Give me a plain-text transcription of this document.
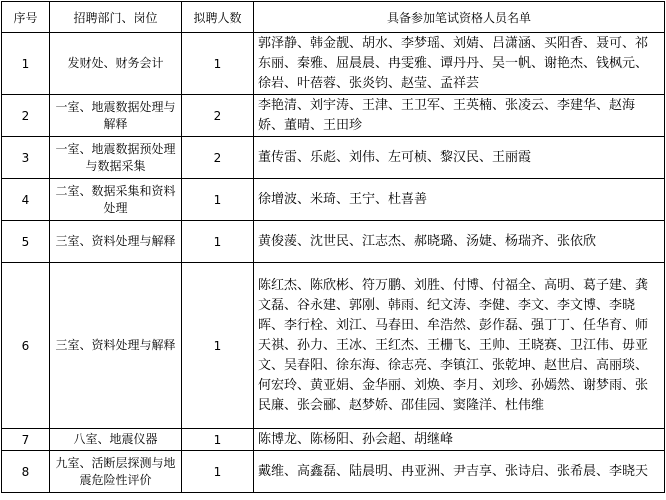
序号	招聘部门、岗位	拟聘人数	具备参加笔试资格人员名单
1	发财处、财务会计	1	郭泽静、韩金靓、胡水、李梦瑶、刘婧、吕潇涵、买阳香、聂可、祁东丽、秦雅、屈晨晨、冉雯雅、谭丹丹、吴一帆、谢艳杰、钱枫元、徐岩、叶蓓蓉、张炎钧、赵莹、孟祥芸
2	一室、地震数据处理与解释	2	李艳清、刘宇涛、王津、王卫军、王英楠、张凌云、李建华、赵海娇、董晴、王田珍
3	一室、地震数据预处理与数据采集	2	董传雷、乐彪、刘伟、左可桢、黎汉民、王丽霞
4	二室、数据采集和资料处理	1	徐增波、米琦、王宁、杜喜善
5	三室、资料处理与解释	1	黄俊蔆、沈世民、江志杰、郝晓璐、汤婕、杨瑞齐、张依欣
6	三室、资料处理与解释	1	陈红杰、陈欣彬、符万鹏、刘胜、付博、付福全、高明、葛子建、龚文磊、谷永建、郭刚、韩雨、纪文涛、李健、李文、李文博、李晓晖、李行栓、刘江、马春田、牟浩然、彭作磊、强丁丁、任华育、师天祺、孙力、王冰、王红杰、王栅飞、王帅、王晓赛、卫江伟、毋亚文、吴春阳、徐东海、徐志亮、李镇江、张乾坤、赵世启、高丽琰、何宏玲、黄亚娟、金华丽、刘焕、李月、刘珍、孙嫣然、谢梦雨、张民廉、张会郦、赵梦娇、邵佳园、窦隆洋、杜伟维
7	八室、地震仪器	1	陈博龙、陈杨阳、孙会超、胡继峰
8	九室、活断层探测与地震危险性评价	1	戴维、高鑫磊、陆晨明、冉亚洲、尹吉享、张诗启、张希晨、李晓天
